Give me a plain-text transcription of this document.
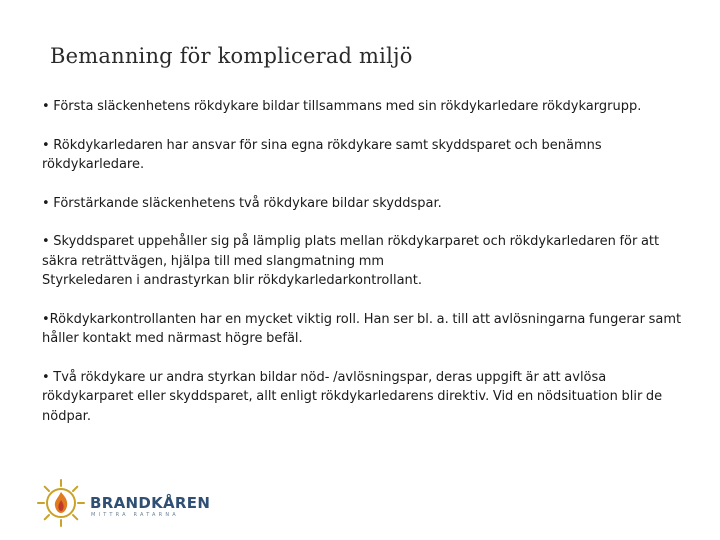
Bemanning för komplicerad miljö

• Första släckenhetens rökdykare bildar tillsammans med sin rökdykarledare rökdykargrupp.

• Rökdykarledaren har ansvar för sina egna rökdykare samt skyddsparet och benämns rökdykarledare.

• Förstärkande släckenhetens två rökdykare bildar skyddspar.

• Skyddsparet uppehåller sig på lämplig plats mellan rökdykarparet och rökdykarledaren för att säkra reträttvägen, hjälpa till med slangmatning mm
Styrkeledaren i andrastyrkan blir rökdykarledarkontrollant.

•Rökdykarkontrollanten har en mycket viktig roll. Han ser bl. a. till att avlösningarna fungerar samt håller kontakt med närmast högre befäl.

• Två rökdykare ur andra styrkan bildar nöd- /avlösningspar, deras uppgift är att avlösa rökdykarparet eller skyddsparet, allt enligt rökdykarledarens direktiv. Vid en nödsituation blir de nödpar.

BRANDKÅREN
MITTRA RATARNA
